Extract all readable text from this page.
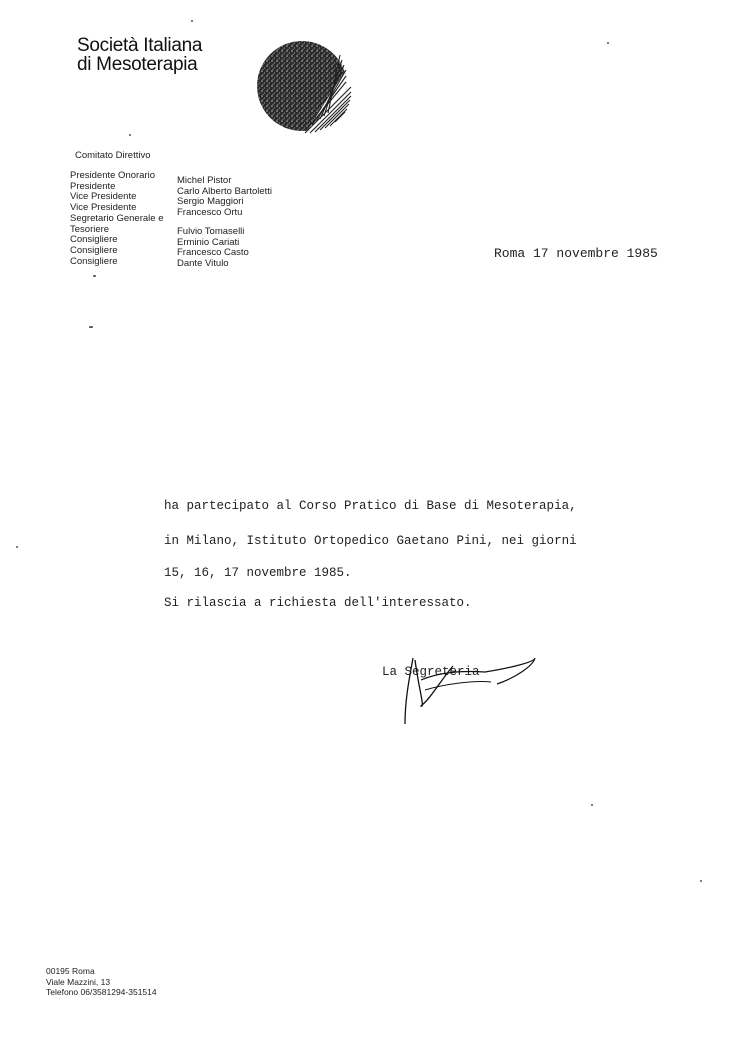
Società Italiana
di Mesoterapia
Comitato Direttivo
Presidente Onorario
Presidente
Vice Presidente
Vice Presidente
Segretario Generale e
Tesoriere
Consigliere
Consigliere
Consigliere
Michel Pistor
Carlo Alberto Bartoletti
Sergio Maggiori
Francesco Ortu
Fulvio Tomaselli
Erminio Cariati
Francesco Casto
Dante Vitulo
Roma 17 novembre 1985
ha partecipato al Corso Pratico di Base di Mesoterapia,
in Milano, Istituto Ortopedico Gaetano Pini, nei giorni
15, 16, 17 novembre 1985.
Si rilascia a richiesta dell'interessato.
La Segreteria
00195 Roma
Viale Mazzini, 13
Telefono 06/3581294-351514
